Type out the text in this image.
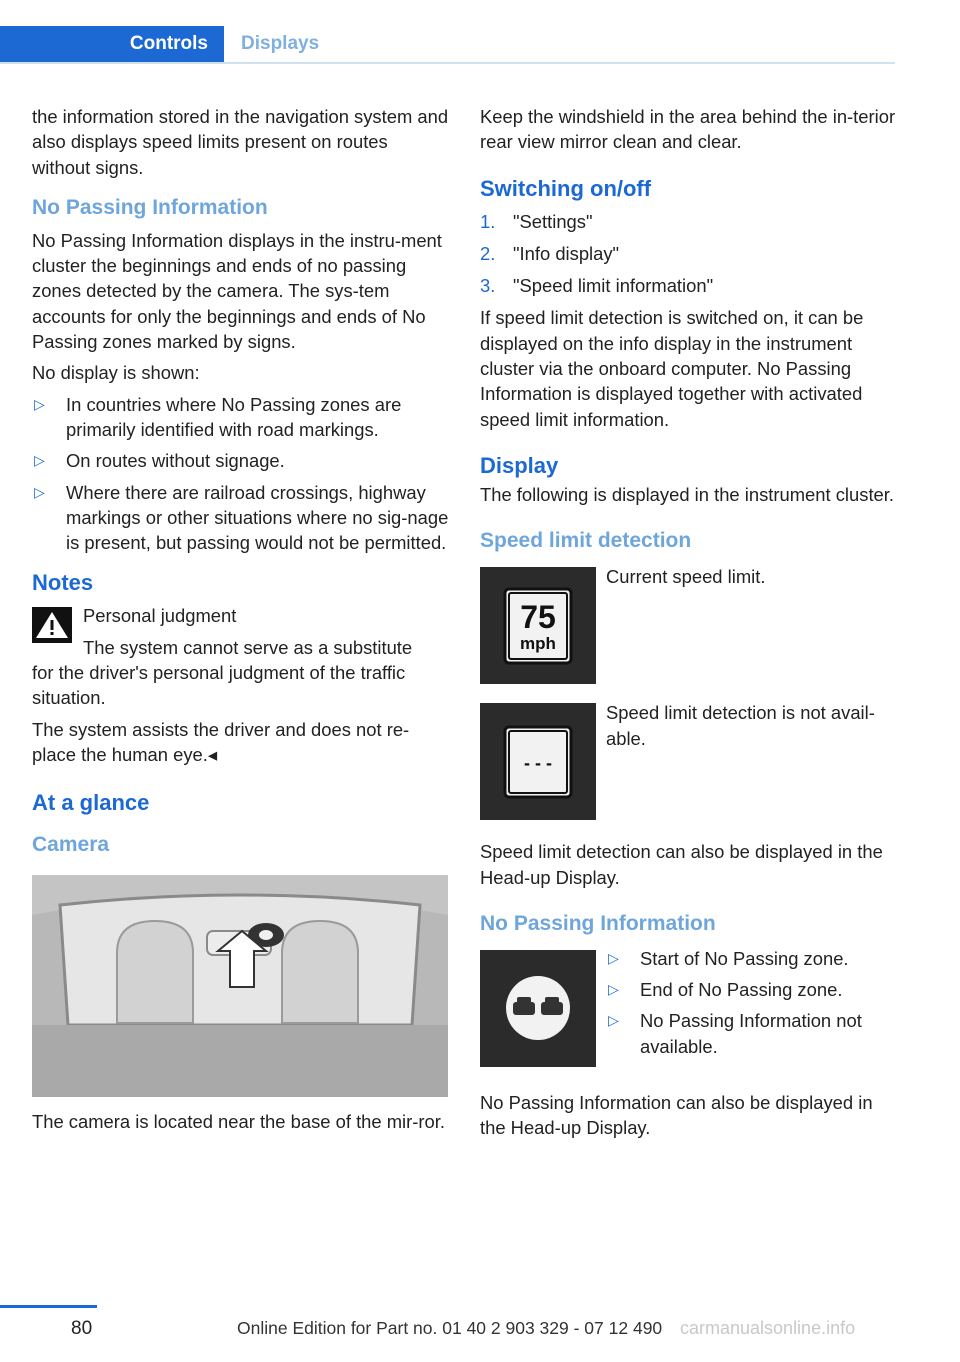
Controls	Displays

the information stored in the navigation system and also displays speed limits present on routes without signs.

No Passing Information

No Passing Information displays in the instru-ment cluster the beginnings and ends of no passing zones detected by the camera. The sys-tem accounts for only the beginnings and ends of No Passing zones marked by signs.

No display is shown:

▷ In countries where No Passing zones are primarily identified with road markings.
▷ On routes without signage.
▷ Where there are railroad crossings, highway markings or other situations where no sig-nage is present, but passing would not be permitted.
Notes

Personal judgment

The system cannot serve as a substitute

for the driver's personal judgment of the traffic situation.

The system assists the driver and does not re-place the human eye.◂

At a glance
Camera

The camera is located near the base of the mir-ror.

Keep the windshield in the area behind the in-terior rear view mirror clean and clear.

Switching on/off
1. "Settings"
2. "Info display"
3. "Speed limit information"

If speed limit detection is switched on, it can be displayed on the info display in the instrument cluster via the onboard computer. No Passing Information is displayed together with activated speed limit information.

Display

The following is displayed in the instrument cluster.

Speed limit detection
75
mph
Current speed limit.
- - -
Speed limit detection is not avail-able.

Speed limit detection can also be displayed in the Head-up Display.

No Passing Information
▷ Start of No Passing zone.
▷ End of No Passing zone.
▷ No Passing Information not available.

No Passing Information can also be displayed in the Head-up Display.

80	Online Edition for Part no. 01 40 2 903 329 - 07 12 490 carmanualsonline.info
